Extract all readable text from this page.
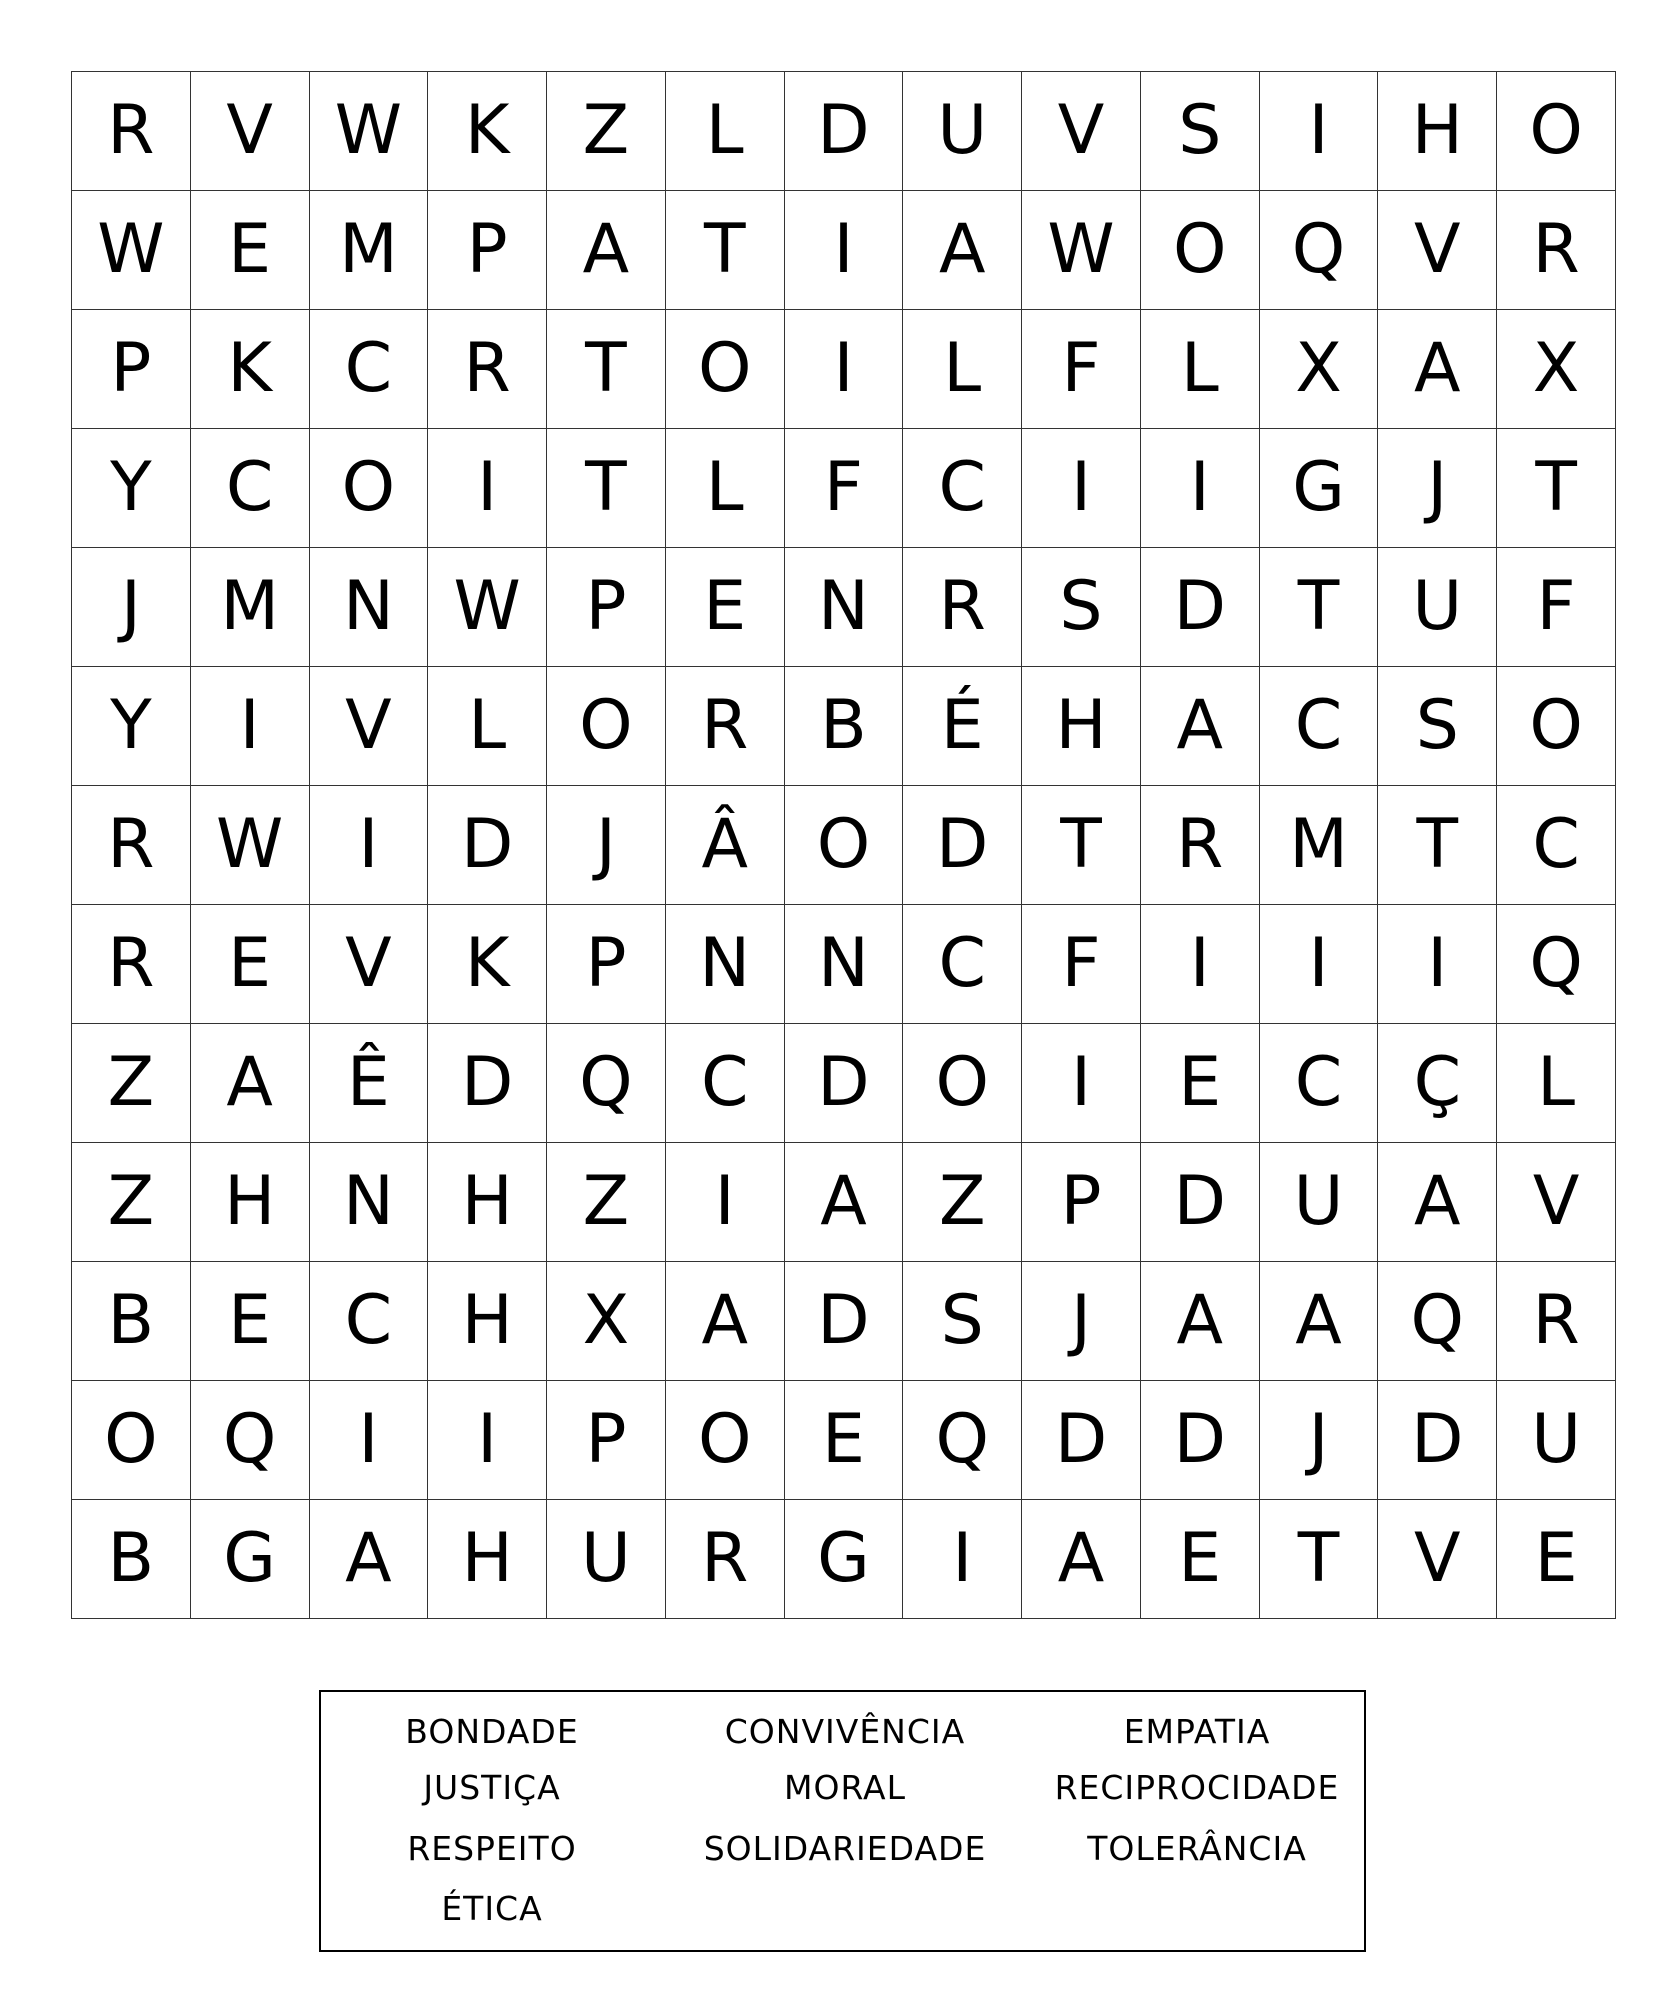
R	V	W	K	Z	L	D	U	V	S	I	H	O
W	E	M	P	A	T	I	A	W	O	Q	V	R
P	K	C	R	T	O	I	L	F	L	X	A	X
Y	C	O	I	T	L	F	C	I	I	G	J	T
J	M	N	W	P	E	N	R	S	D	T	U	F
Y	I	V	L	O	R	B	É	H	A	C	S	O
R	W	I	D	J	Â	O	D	T	R	M	T	C
R	E	V	K	P	N	N	C	F	I	I	I	Q
Z	A	Ê	D	Q	C	D	O	I	E	C	Ç	L
Z	H	N	H	Z	I	A	Z	P	D	U	A	V
B	E	C	H	X	A	D	S	J	A	A	Q	R
O	Q	I	I	P	O	E	Q	D	D	J	D	U
B	G	A	H	U	R	G	I	A	E	T	V	E
BONDADE	CONVIVÊNCIA	EMPATIA
JUSTIÇA	MORAL	RECIPROCIDADE
RESPEITO	SOLIDARIEDADE	TOLERÂNCIA
ÉTICA
